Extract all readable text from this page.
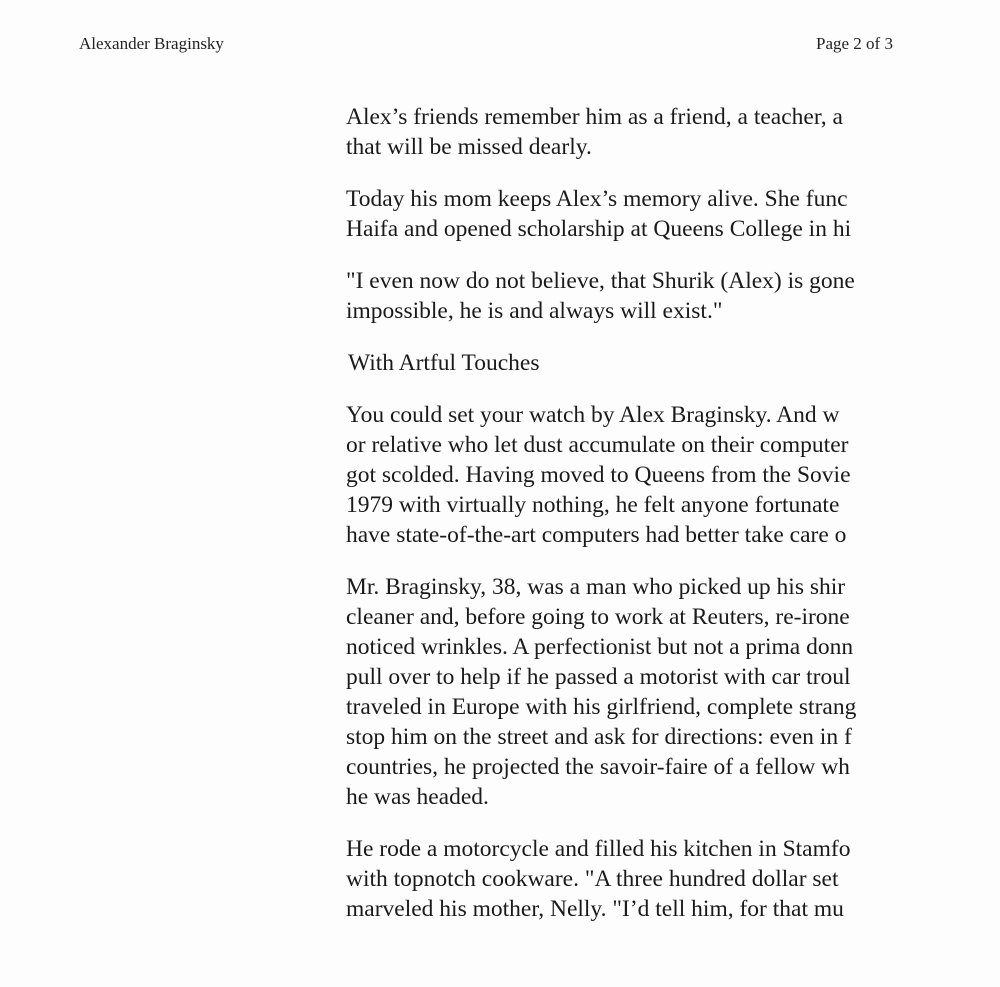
Alexander Braginsky	Page 2 of 3

Alex’s friends remember him as a friend, a teacher, a
that will be missed dearly.

Today his mom keeps Alex’s memory alive. She func
Haifa and opened scholarship at Queens College in hi

"I even now do not believe, that Shurik (Alex) is gone
impossible, he is and always will exist."

With Artful Touches

You could set your watch by Alex Braginsky. And w
or relative who let dust accumulate on their computer
got scolded. Having moved to Queens from the Sovie
1979 with virtually nothing, he felt anyone fortunate
have state-of-the-art computers had better take care o

Mr. Braginsky, 38, was a man who picked up his shir
cleaner and, before going to work at Reuters, re-irone
noticed wrinkles. A perfectionist but not a prima donn
pull over to help if he passed a motorist with car troul
traveled in Europe with his girlfriend, complete strang
stop him on the street and ask for directions: even in f
countries, he projected the savoir-faire of a fellow wh
he was headed.

He rode a motorcycle and filled his kitchen in Stamfo
with topnotch cookware. "A three hundred dollar set
marveled his mother, Nelly. "I’d tell him, for that mu
